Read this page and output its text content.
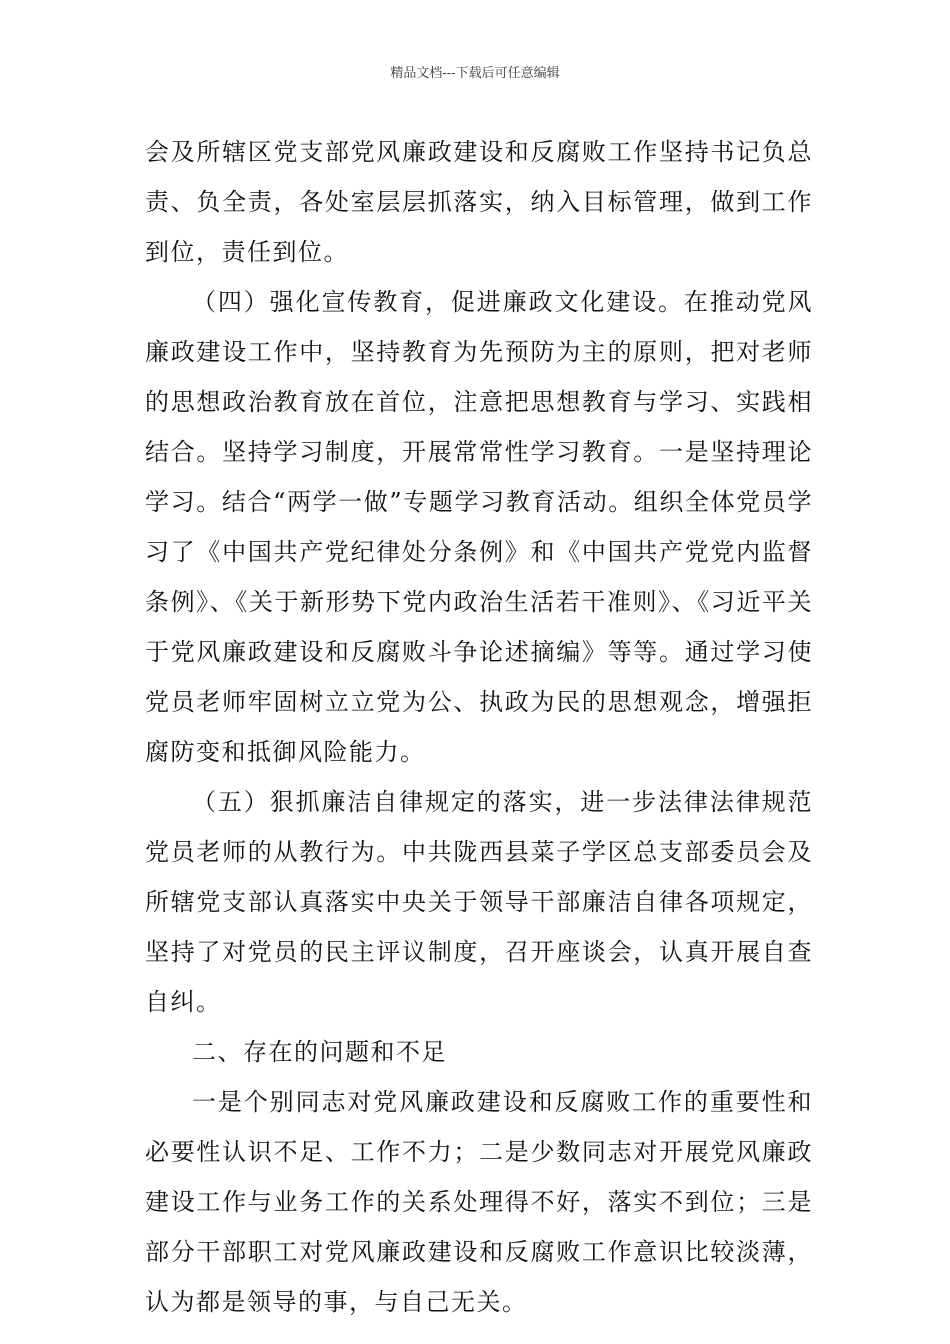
精品文档---下载后可任意编辑

会及所辖区党支部党风廉政建设和反腐败工作坚持书记负总责、负全责，各处室层层抓落实，纳入目标管理，做到工作到位，责任到位。

（四）强化宣传教育，促进廉政文化建设。在推动党风廉政建设工作中，坚持教育为先预防为主的原则，把对老师的思想政治教育放在首位，注意把思想教育与学习、实践相结合。坚持学习制度，开展常常性学习教育。一是坚持理论学习。结合“两学一做”专题学习教育活动。组织全体党员学习了《中国共产党纪律处分条例》和《中国共产党党内监督条例》、《关于新形势下党内政治生活若干准则》、《习近平关于党风廉政建设和反腐败斗争论述摘编》等等。通过学习使党员老师牢固树立立党为公、执政为民的思想观念，增强拒腐防变和抵御风险能力。

（五）狠抓廉洁自律规定的落实，进一步法律法律规范党员老师的从教行为。中共陇西县菜子学区总支部委员会及所辖党支部认真落实中央关于领导干部廉洁自律各项规定，坚持了对党员的民主评议制度，召开座谈会，认真开展自查自纠。

二、存在的问题和不足

一是个别同志对党风廉政建设和反腐败工作的重要性和必要性认识不足、工作不力；二是少数同志对开展党风廉政建设工作与业务工作的关系处理得不好，落实不到位；三是部分干部职工对党风廉政建设和反腐败工作意识比较淡薄，认为都是领导的事，与自己无关。
